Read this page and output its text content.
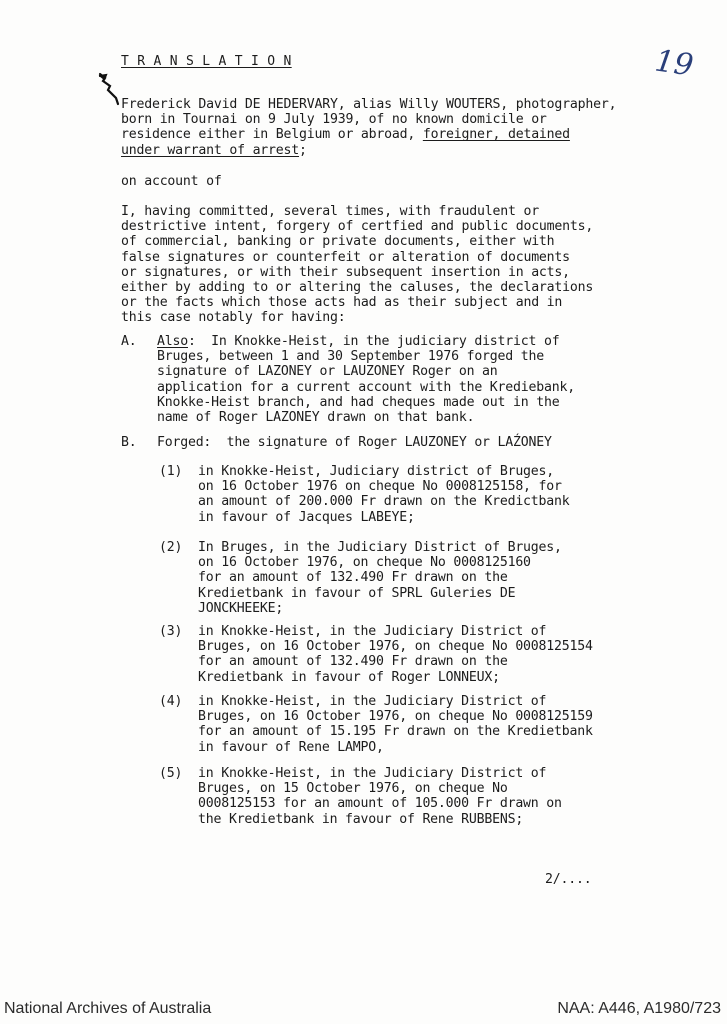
T R A N S L A T I O N	19
Frederick David DE HEDERVARY, alias Willy WOUTERS, photographer,
born in Tournai on 9 July 1939, of no known domicile or
residence either in Belgium or abroad, foreigner, detained
under warrant of arrest;
on account of
I, having committed, several times, with fraudulent or
destrictive intent, forgery of certfied and public documents,
of commercial, banking or private documents, either with
false signatures or counterfeit or alteration of documents
or signatures, or with their subsequent insertion in acts,
either by adding to or altering the caluses, the declarations
or the facts which those acts had as their subject and in
this case notably for having:
A. Also:  In Knokke-Heist, in the judiciary district of
Bruges, between 1 and 30 September 1976 forged the
signature of LAZONEY or LAUZONEY Roger on an
application for a current account with the Krediebank,
Knokke-Heist branch, and had cheques made out in the
name of Roger LAZONEY drawn on that bank.
B. Forged:  the signature of Roger LAUZONEY or LAŹONEY
(1) in Knokke-Heist, Judiciary district of Bruges,
on 16 October 1976 on cheque No 0008125158, for
an amount of 200.000 Fr drawn on the Kredictbank
in favour of Jacques LABEYE;
(2) In Bruges, in the Judiciary District of Bruges,
on 16 October 1976, on cheque No 0008125160
for an amount of 132.490 Fr drawn on the
Kredietbank in favour of SPRL Guleries DE
JONCKHEEKE;
(3) in Knokke-Heist, in the Judiciary District of
Bruges, on 16 October 1976, on cheque No 0008125154
for an amount of 132.490 Fr drawn on the
Kredietbank in favour of Roger LONNEUX;
(4) in Knokke-Heist, in the Judiciary District of
Bruges, on 16 October 1976, on cheque No 0008125159
for an amount of 15.195 Fr drawn on the Kredietbank
in favour of Rene LAMPO,
(5) in Knokke-Heist, in the Judiciary District of
Bruges, on 15 October 1976, on cheque No
0008125153 for an amount of 105.000 Fr drawn on
the Kredietbank in favour of Rene RUBBENS;
2/....
National Archives of Australia	NAA: A446, A1980/723
